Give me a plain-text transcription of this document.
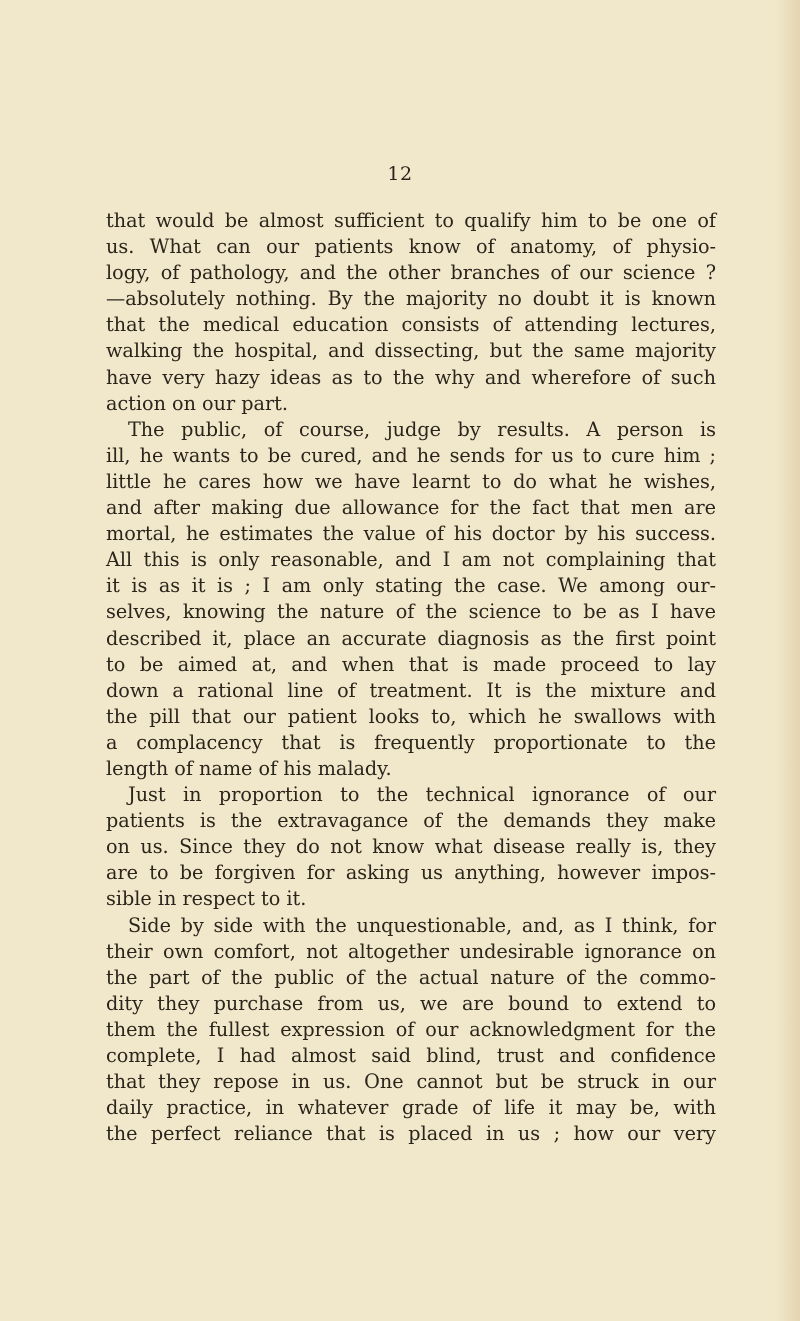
12

that would be almost sufficient to qualify him to be one of
us. What can our patients know of anatomy, of physio-
logy, of pathology, and the other branches of our science ?
—absolutely nothing. By the majority no doubt it is known
that the medical education consists of attending lectures,
walking the hospital, and dissecting, but the same majority
have very hazy ideas as to the why and wherefore of such
action on our part.

The public, of course, judge by results. A person is
ill, he wants to be cured, and he sends for us to cure him ;
little he cares how we have learnt to do what he wishes,
and after making due allowance for the fact that men are
mortal, he estimates the value of his doctor by his success.
All this is only reasonable, and I am not complaining that
it is as it is ; I am only stating the case. We among our-
selves, knowing the nature of the science to be as I have
described it, place an accurate diagnosis as the first point
to be aimed at, and when that is made proceed to lay
down a rational line of treatment. It is the mixture and
the pill that our patient looks to, which he swallows with
a complacency that is frequently proportionate to the
length of name of his malady.

Just in proportion to the technical ignorance of our
patients is the extravagance of the demands they make
on us. Since they do not know what disease really is, they
are to be forgiven for asking us anything, however impos-
sible in respect to it.

Side by side with the unquestionable, and, as I think, for
their own comfort, not altogether undesirable ignorance on
the part of the public of the actual nature of the commo-
dity they purchase from us, we are bound to extend to
them the fullest expression of our acknowledgment for the
complete, I had almost said blind, trust and confidence
that they repose in us. One cannot but be struck in our
daily practice, in whatever grade of life it may be, with
the perfect reliance that is placed in us ; how our very
